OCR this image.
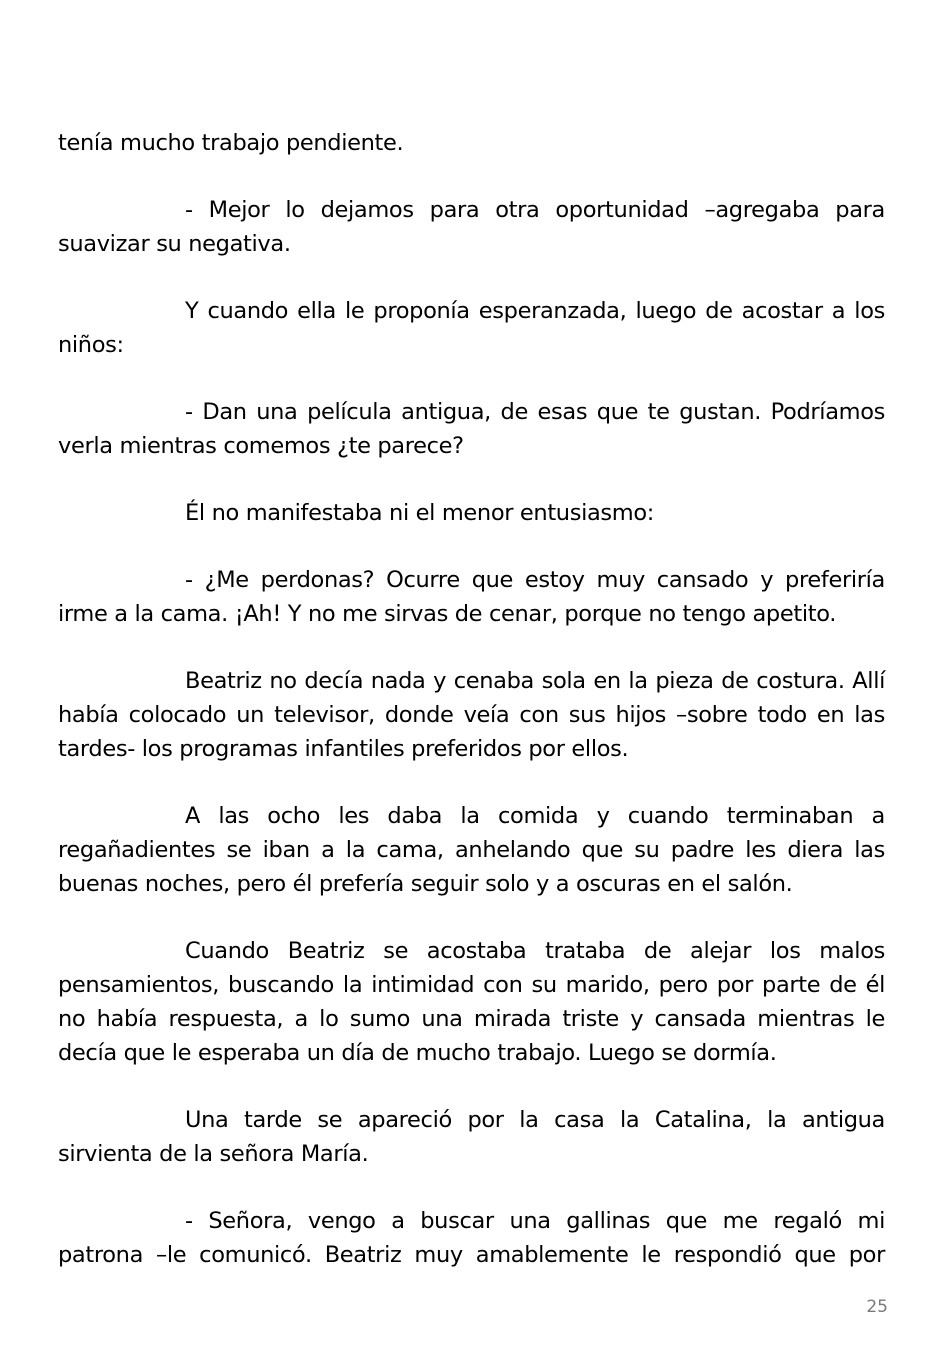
tenía mucho trabajo pendiente.

- Mejor lo dejamos para otra oportunidad –agregaba para suavizar su negativa.

Y cuando ella le proponía esperanzada, luego de acostar a los niños:

- Dan una película antigua, de esas que te gustan. Podríamos verla mientras comemos ¿te parece?

Él no manifestaba ni el menor entusiasmo:

- ¿Me perdonas? Ocurre que estoy muy cansado y preferiría irme a la cama. ¡Ah! Y no me sirvas de cenar, porque no tengo apetito.

Beatriz no decía nada y cenaba sola en la pieza de costura. Allí había colocado un televisor, donde veía con sus hijos –sobre todo en las tardes- los programas infantiles preferidos por ellos.

A las ocho les daba la comida y cuando terminaban a regañadientes se iban a la cama, anhelando que su padre les diera las buenas noches, pero él prefería seguir solo y a oscuras en el salón.

Cuando Beatriz se acostaba trataba de alejar los malos pensamientos, buscando la intimidad con su marido, pero por parte de él no había respuesta, a lo sumo una mirada triste y cansada mientras le decía que le esperaba un día de mucho trabajo. Luego se dormía.

Una tarde se apareció por la casa la Catalina, la antigua sirvienta de la señora María.

- Señora, vengo a buscar una gallinas que me regaló mi patrona –le comunicó. Beatriz muy amablemente le respondió que por

25
